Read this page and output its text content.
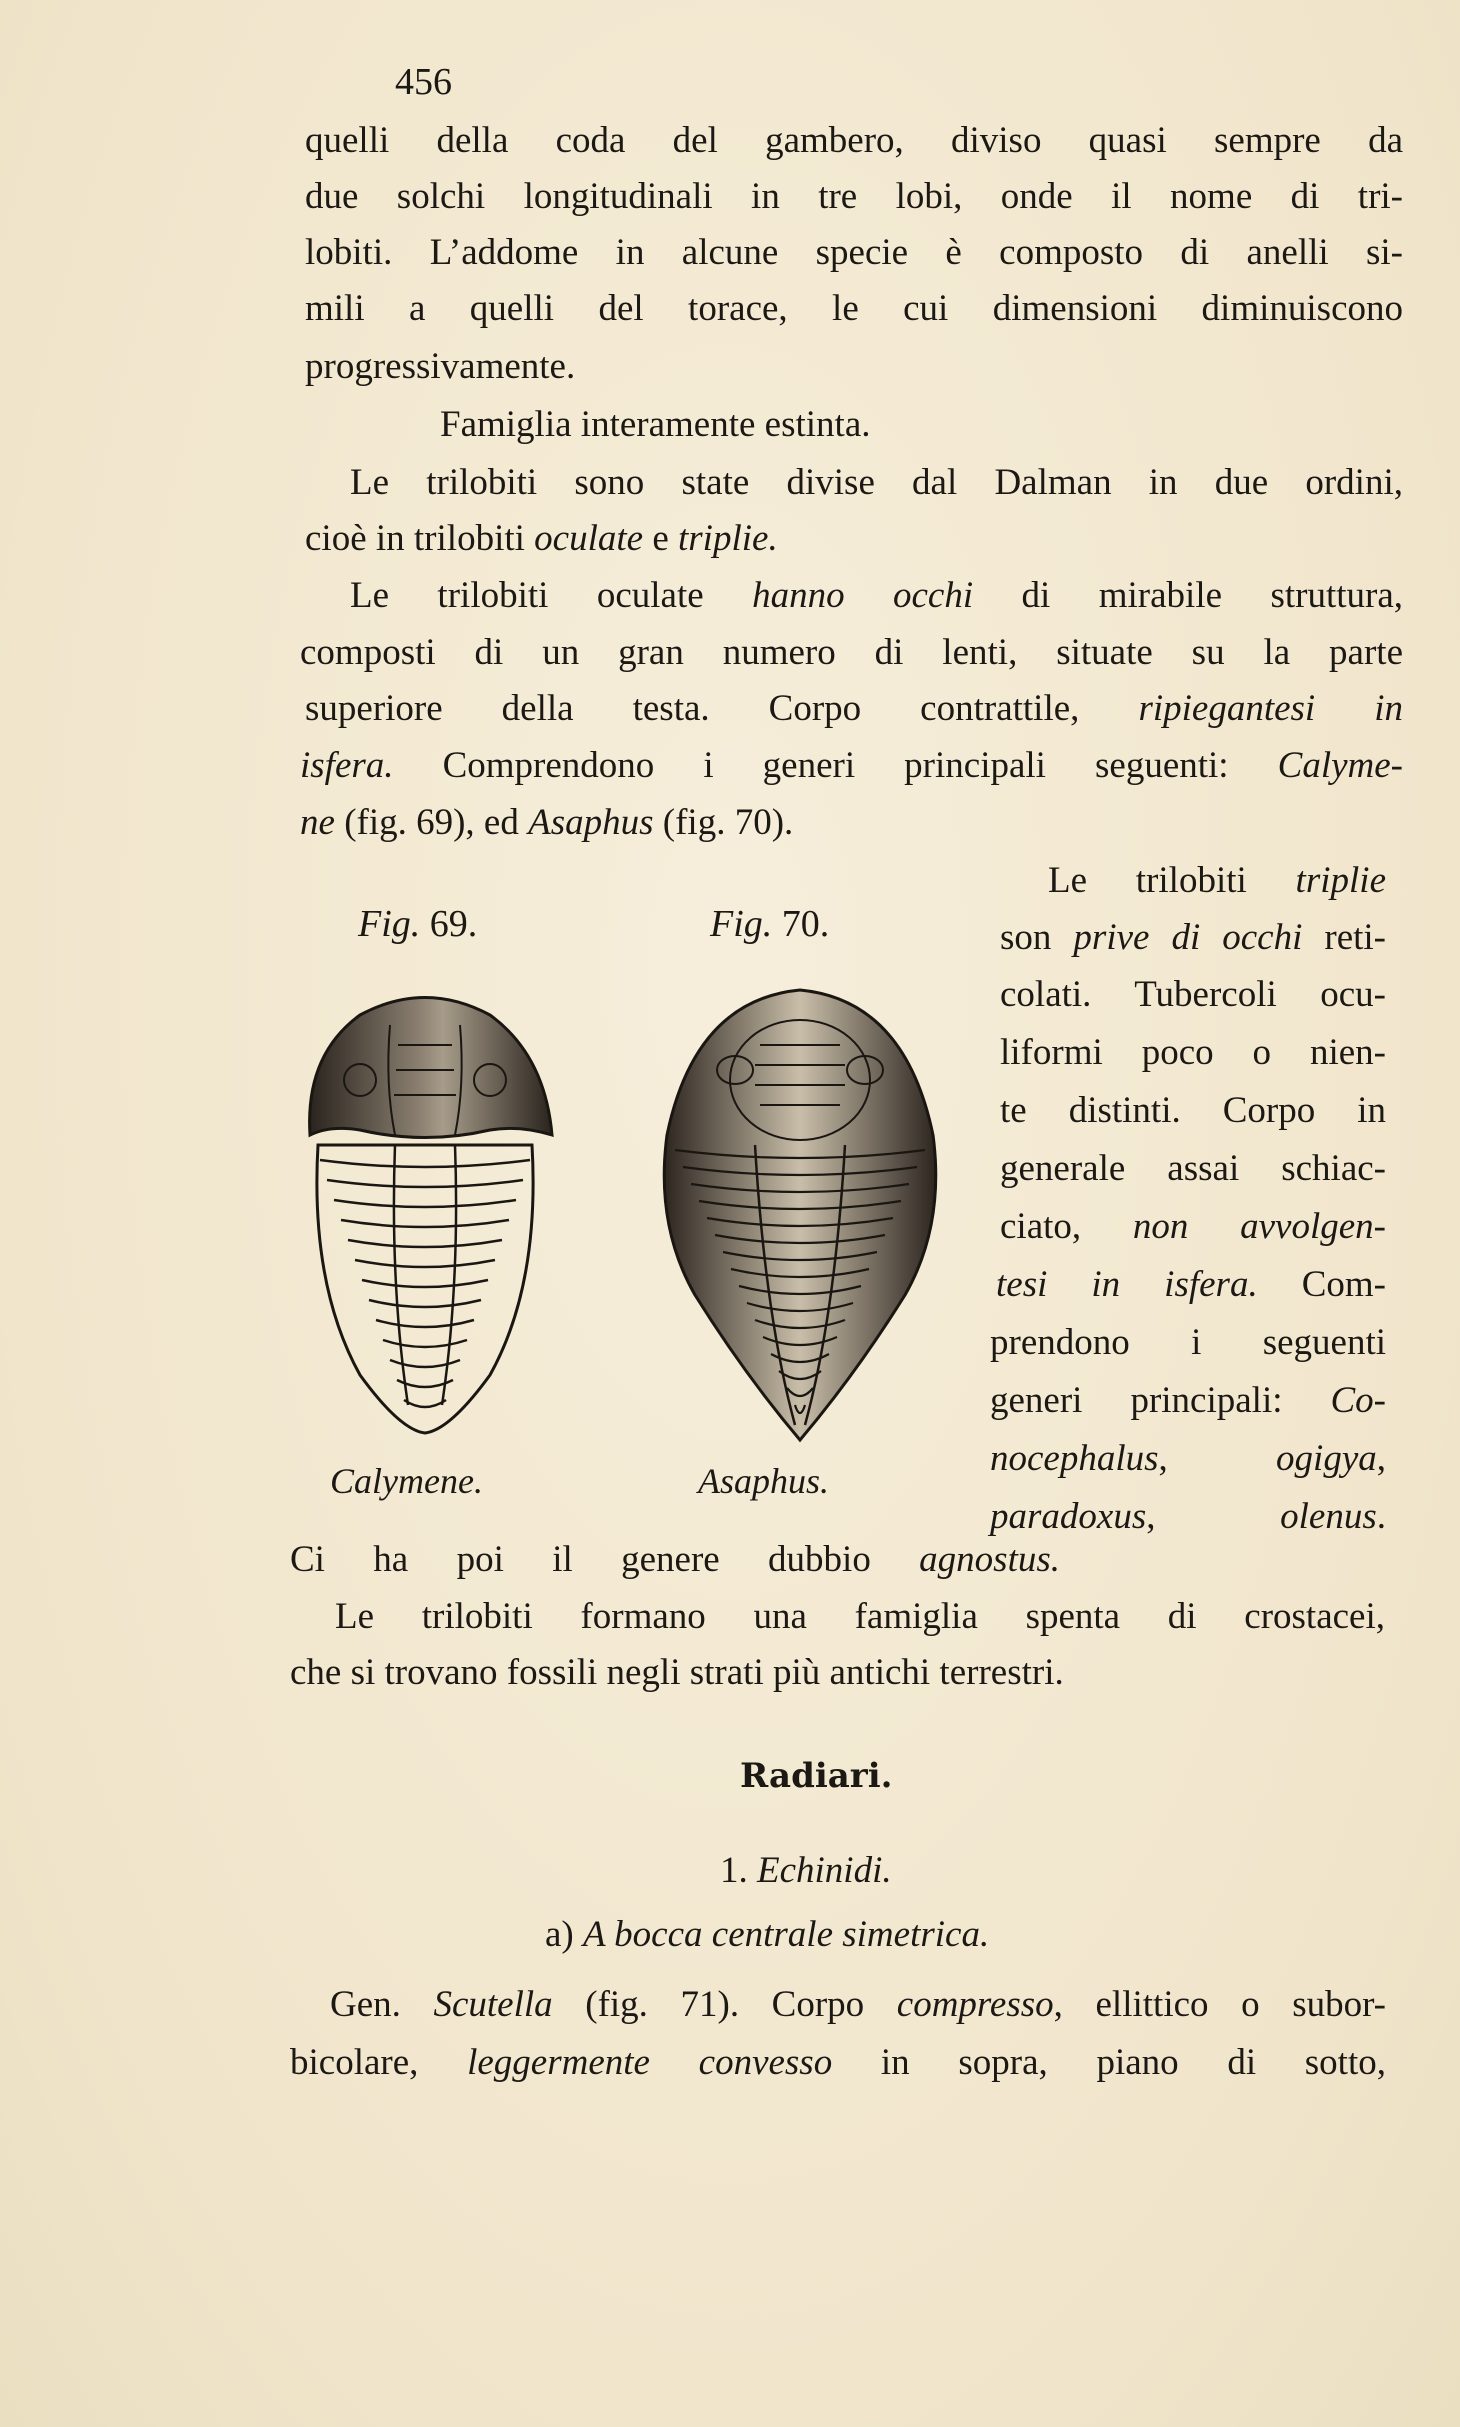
456
quelli della coda del gambero, diviso quasi sempre da
due solchi longitudinali in tre lobi, onde il nome di tri-
lobiti. L’addome in alcune specie è composto di anelli si-
mili a quelli del torace, le cui dimensioni diminuiscono
progressivamente.
Famiglia interamente estinta.
Le trilobiti sono state divise dal Dalman in due ordini,
cioè in trilobiti oculate e triplie.
Le trilobiti oculate hanno occhi di mirabile struttura,
composti di un gran numero di lenti, situate su la parte
superiore della testa. Corpo contrattile, ripiegantesi in
isfera. Comprendono i generi principali seguenti: Calyme-
ne (fig. 69), ed Asaphus (fig. 70).
Le trilobiti triplie
son prive di occhi reti-
colati. Tubercoli ocu-
liformi poco o nien-
te distinti. Corpo in
generale assai schiac-
ciato, non avvolgen-
tesi in isfera. Com-
prendono i seguenti
generi principali: Co-
nocephalus, ogigya,
paradoxus, olenus.
Fig. 69.	Fig. 70.
Calymene.	Asaphus.
Ci ha poi il genere dubbio agnostus.
Le trilobiti formano una famiglia spenta di crostacei,
che si trovano fossili negli strati più antichi terrestri.
Radiari.
1. Echinidi.
a) A bocca centrale simetrica.
Gen. Scutella (fig. 71). Corpo compresso, ellittico o subor-
bicolare, leggermente convesso in sopra, piano di sotto,
